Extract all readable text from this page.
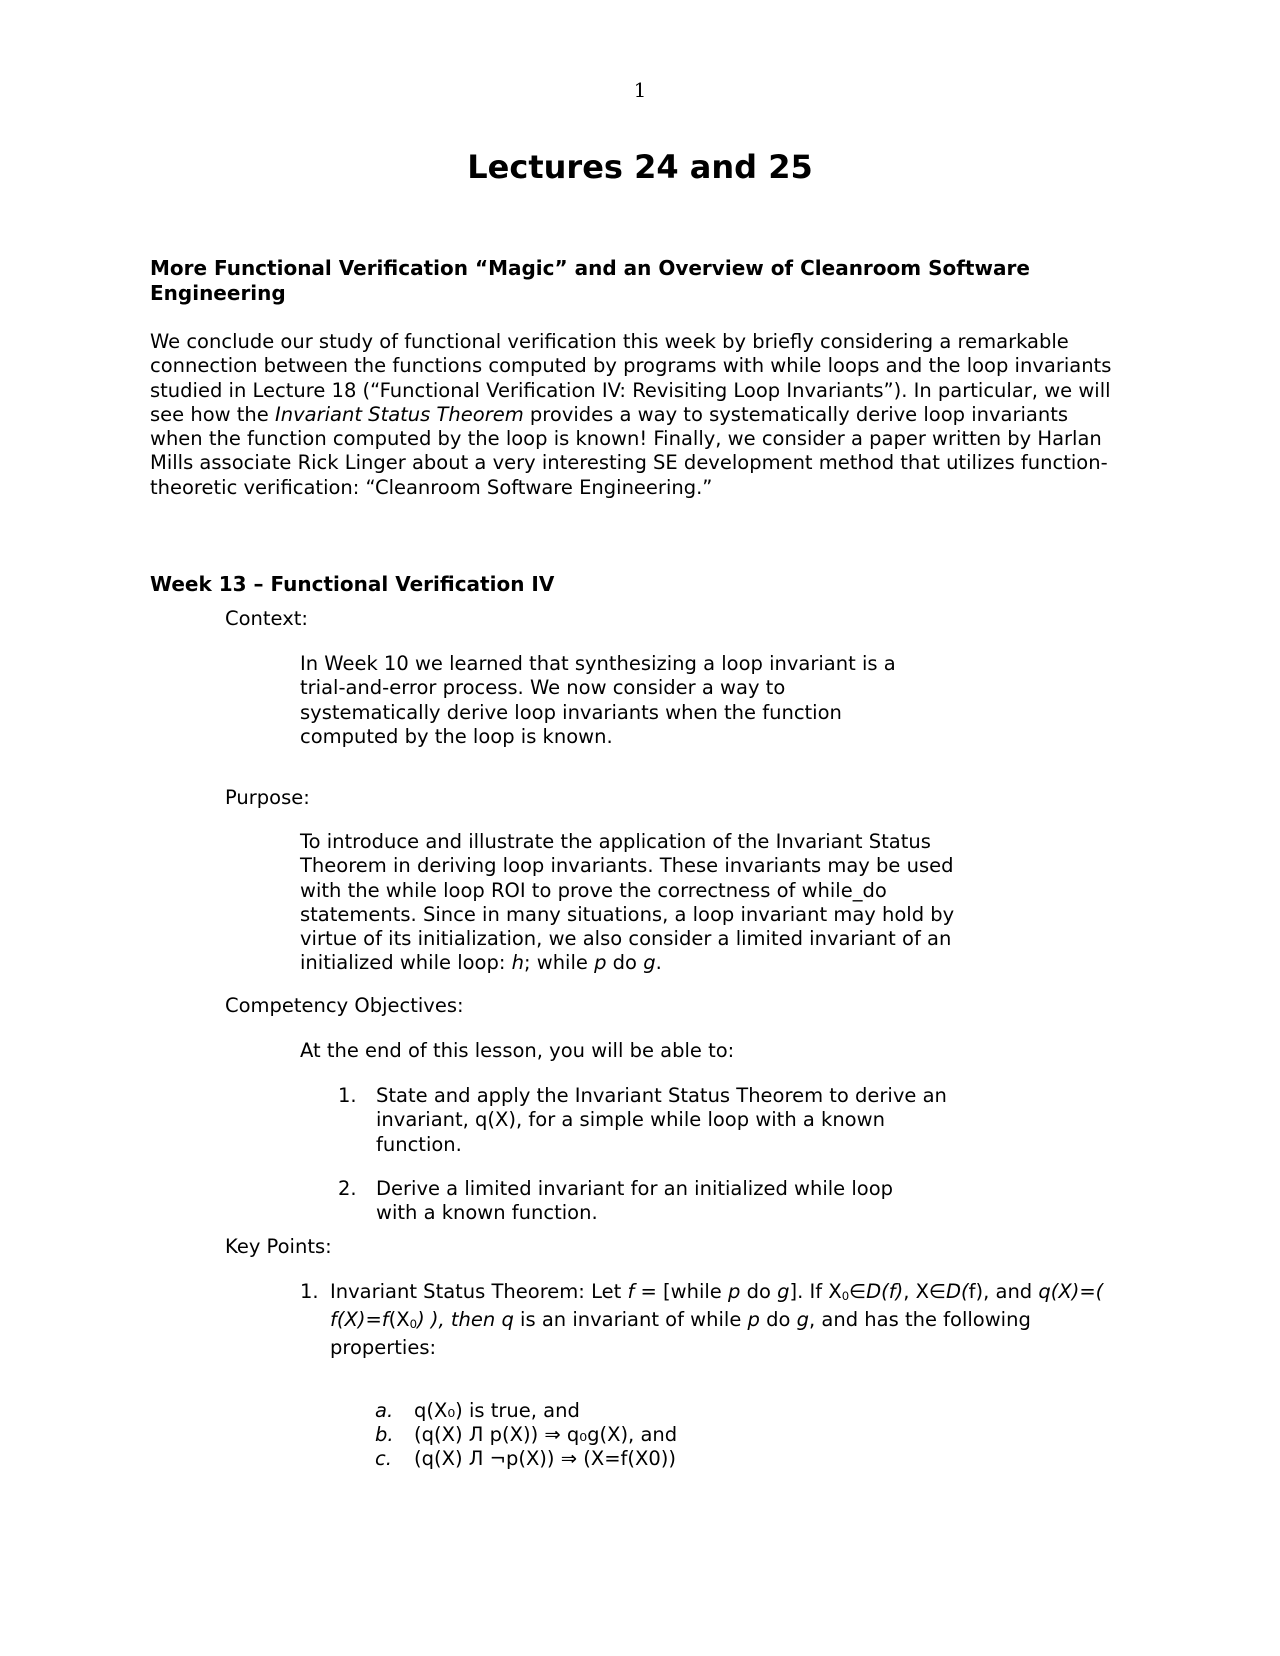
1
Lectures 24 and 25
More Functional Verification “Magic” and an Overview of Cleanroom Software Engineering

We conclude our study of functional verification this week by briefly considering a remarkable connection between the functions computed by programs with while loops and the loop invariants studied in Lecture 18 (“Functional Verification IV: Revisiting Loop Invariants”). In particular, we will see how the Invariant Status Theorem provides a way to systematically derive loop invariants when the function computed by the loop is known! Finally, we consider a paper written by Harlan Mills associate Rick Linger about a very interesting SE development method that utilizes function-theoretic verification: “Cleanroom Software Engineering.”

Week 13 – Functional Verification IV
Context:

In Week 10 we learned that synthesizing a loop invariant is a trial-and-error process. We now consider a way to systematically derive loop invariants when the function computed by the loop is known.

Purpose:

To introduce and illustrate the application of the Invariant Status Theorem in deriving loop invariants. These invariants may be used with the while loop ROI to prove the correctness of while_do statements. Since in many situations, a loop invariant may hold by virtue of its initialization, we also consider a limited invariant of an initialized while loop: h; while p do g.

Competency Objectives:
At the end of this lesson, you will be able to:
1. State and apply the Invariant Status Theorem to derive an invariant, q(X), for a simple while loop with a known function.
2. Derive a limited invariant for an initialized while loop with a known function.
Key Points:
1. Invariant Status Theorem: Let f = [while p do g]. If $X_0\in D(f)$, X∈D(f), and q(X)=( $f(X)=f(X_0)$ ), then q is an invariant of while p do g, and has the following properties:
a. q(X₀) is true, and
b. (q(X) Л p(X)) ⇒ q₀g(X), and
c. (q(X) Л ¬p(X)) ⇒ (X=f(X0))
